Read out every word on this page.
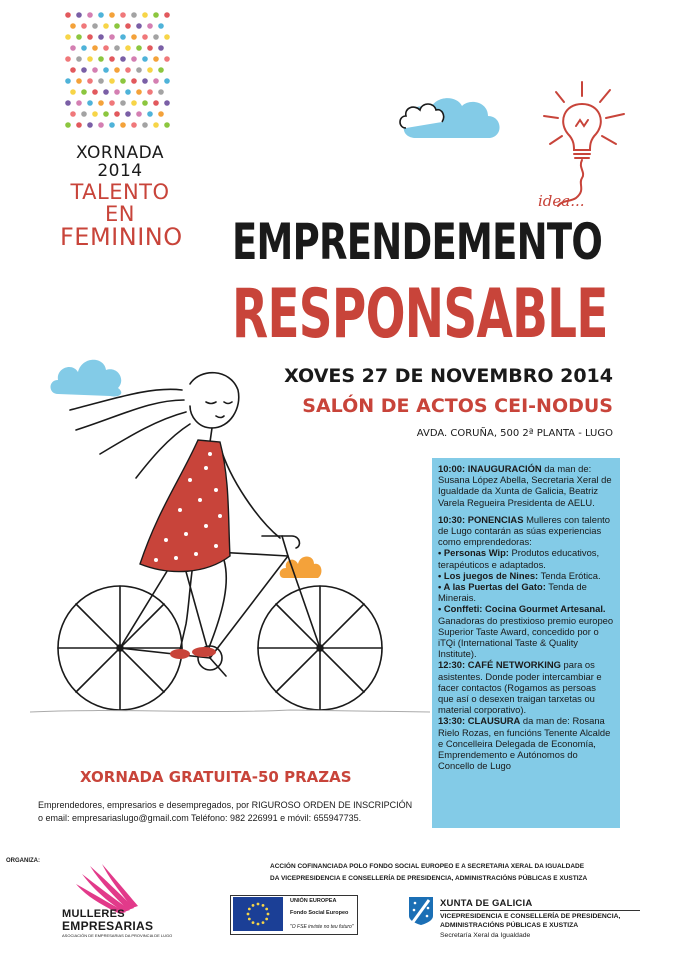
XORNADA 2014
TALENTO EN
FEMININO
idea...
EMPRENDEMENTO
RESPONSABLE
XOVES 27 DE NOVEMBRO 2014
SALÓN DE ACTOS CEI-NODUS
AVDA. CORUÑA, 500 2ª PLANTA - LUGO

10:00: INAUGURACIÓN da man de: Susana López Abella, Secretaria Xeral de Igualdade da Xunta de Galicia, Beatriz Varela Regueira Presidenta de AELU.

10:30: PONENCIAS Mulleres con talento de Lugo contarán as súas experiencias como emprendedoras:

• Personas Wip: Produtos educativos, terapéuticos e adaptados.

• Los juegos de Nines: Tenda Erótica.

• A las Puertas del Gato: Tenda de Minerais.

• Conffeti: Cocina Gourmet Artesanal. Ganadoras do prestixioso premio europeo Superior Taste Award, concedido por o iTQi (International Taste & Quality Institute).

12:30: CAFÉ NETWORKING para os asistentes. Donde poder intercambiar e facer contactos (Rogamos as persoas que así o desexen traigan tarxetas ou material corporativo).

13:30: CLAUSURA da man de: Rosana Rielo Rozas, en funcións Tenente Alcalde e Concelleira Delegada de Economía, Emprendemento e Autónomos do Concello de Lugo

XORNADA GRATUITA-50 PRAZAS
Emprendedores, empresarios e desempregados, por RIGUROSO ORDEN DE INSCRIPCIÓN
o email: empresariaslugo@gmail.com Teléfono: 982 226991 e móvil: 655947735.
ORGANIZA:
MULLERES
EMPRESARIAS
ASOCIACIÓN DE EMPRESARIAS DA PROVINCIA DE LUGO
ACCIÓN COFINANCIADA POLO FONDO SOCIAL EUROPEO E A SECRETARIA XERAL DA IGUALDADE
DA VICEPRESIDENCIA E CONSELLERÍA DE PRESIDENCIA, ADMINISTRACIÓNS PÚBLICAS E XUSTIZA
UNIÓN EUROPEA
Fondo Social Europeo
"O FSE inviste no teu futuro"
XUNTA DE GALICIA
VICEPRESIDENCIA E CONSELLERÍA DE PRESIDENCIA,
ADMINISTRACIÓNS PÚBLICAS E XUSTIZA
Secretaría Xeral da Igualdade
